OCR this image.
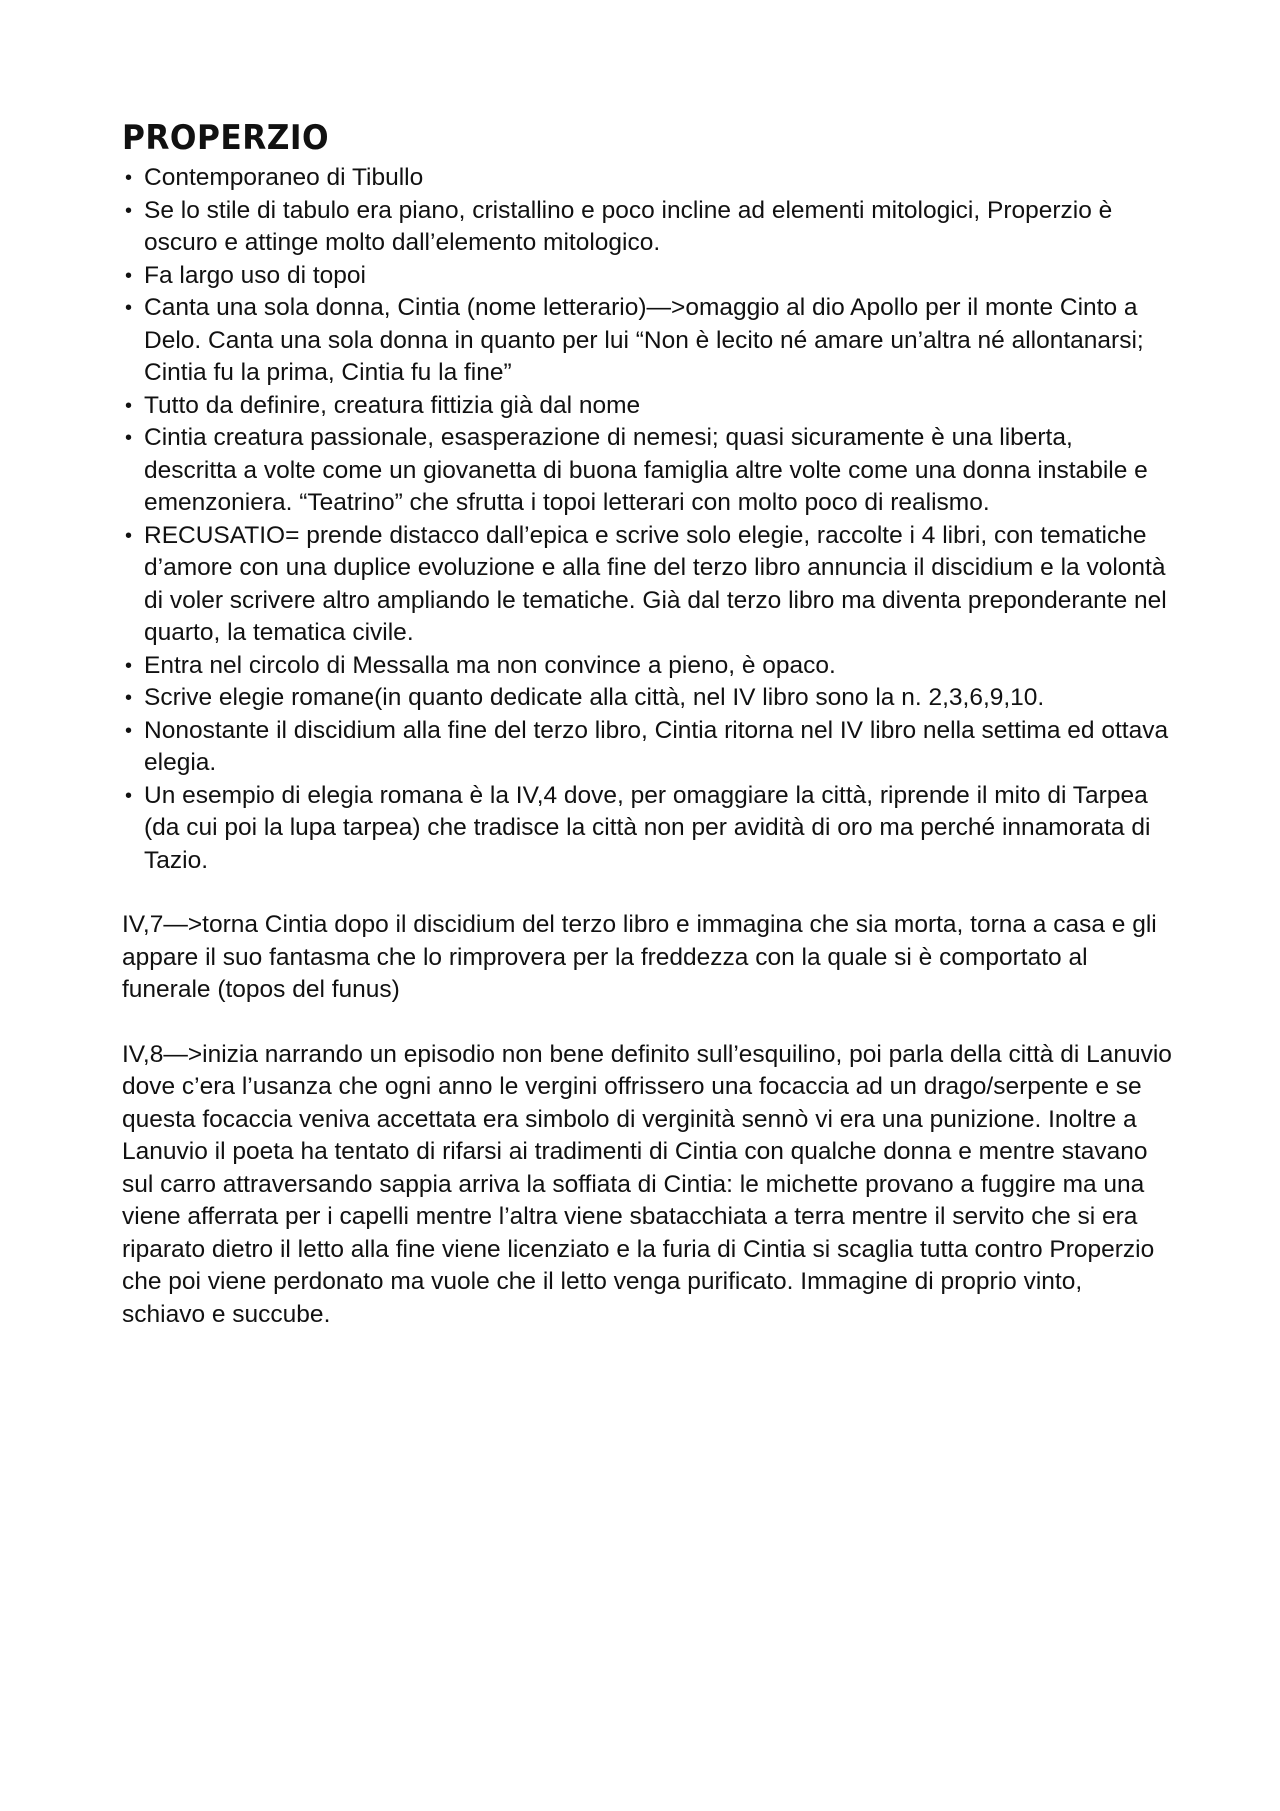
PROPERZIO
• Contemporaneo di Tibullo
• Se lo stile di tabulo era piano, cristallino e poco incline ad elementi mitologici, Properzio è oscuro e attinge molto dall’elemento mitologico.
• Fa largo uso di topoi
• Canta una sola donna, Cintia (nome letterario)—>omaggio al dio Apollo per il monte Cinto a Delo. Canta una sola donna in quanto per lui “Non è lecito né amare un’altra né allontanarsi; Cintia fu la prima, Cintia fu la fine”
• Tutto da definire, creatura fittizia già dal nome
• Cintia creatura passionale, esasperazione di nemesi; quasi sicuramente è una liberta, descritta a volte come un giovanetta di buona famiglia altre volte come una donna instabile e emenzoniera. “Teatrino” che sfrutta i topoi letterari con molto poco di realismo.
• RECUSATIO= prende distacco dall’epica e scrive solo elegie, raccolte i 4 libri, con tematiche d’amore con una duplice evoluzione e alla fine del terzo libro annuncia il discidium e la volontà di voler scrivere altro ampliando le tematiche. Già dal terzo libro ma diventa preponderante nel quarto, la tematica civile.
• Entra nel circolo di Messalla ma non convince a pieno, è opaco.
• Scrive elegie romane(in quanto dedicate alla città, nel IV libro sono la n. 2,3,6,9,10.
• Nonostante il discidium alla fine del terzo libro, Cintia ritorna nel IV libro nella settima ed ottava elegia.
• Un esempio di elegia romana è la IV,4 dove, per omaggiare la città, riprende il mito di Tarpea (da cui poi la lupa tarpea) che tradisce la città non per avidità di oro ma perché innamorata di Tazio.

IV,7—>torna Cintia dopo il discidium del terzo libro e immagina che sia morta, torna a casa e gli appare il suo fantasma che lo rimprovera per la freddezza con la quale si è comportato al funerale (topos del funus)

IV,8—>inizia narrando un episodio non bene definito sull’esquilino, poi parla della città di Lanuvio dove c’era l’usanza che ogni anno le vergini offrissero una focaccia ad un drago/serpente e se questa focaccia veniva accettata era simbolo di verginità sennò vi era una punizione. Inoltre a Lanuvio il poeta ha tentato di rifarsi ai tradimenti di Cintia con qualche donna e mentre stavano sul carro attraversando sappia arriva la soffiata di Cintia: le michette provano a fuggire ma una viene afferrata per i capelli mentre l’altra viene sbatacchiata a terra mentre il servito che si era riparato dietro il letto alla fine viene licenziato e la furia di Cintia si scaglia tutta contro Properzio che poi viene perdonato ma vuole che il letto venga purificato. Immagine di proprio vinto, schiavo e succube.
